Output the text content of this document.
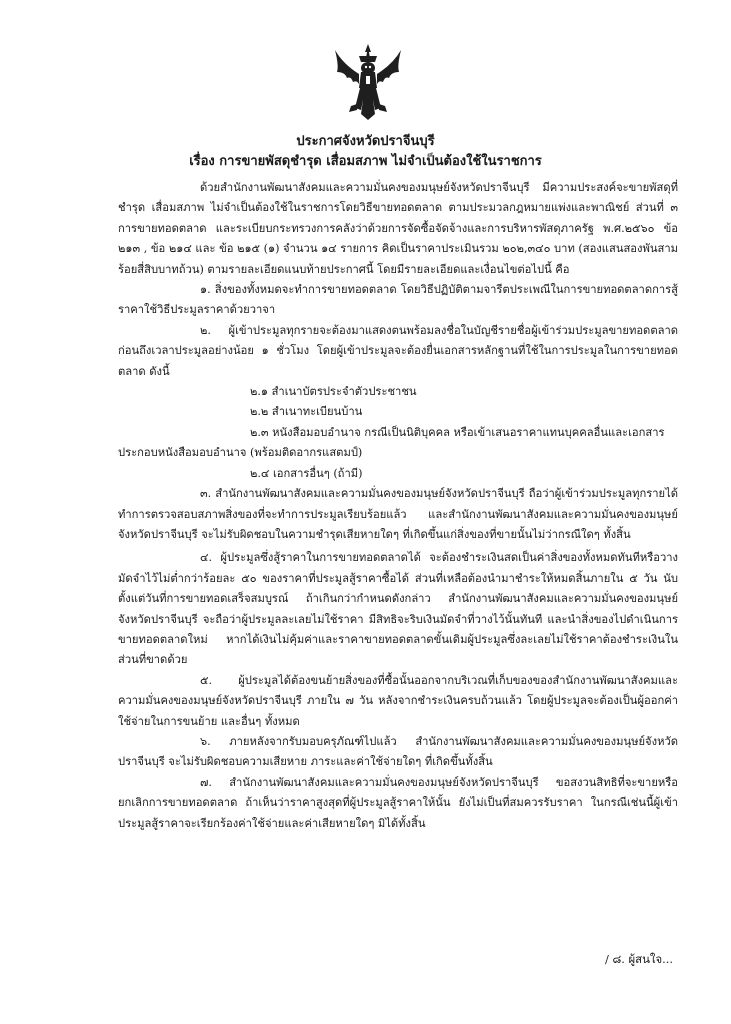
ประกาศจังหวัดปราจีนบุรี
เรื่อง การขายพัสดุชำรุด เสื่อมสภาพ ไม่จำเป็นต้องใช้ในราชการ

ด้วยสำนักงานพัฒนาสังคมและความมั่นคงของมนุษย์จังหวัดปราจีนบุรี มีความประสงค์จะขายพัสดุที่ชำรุด เสื่อมสภาพ ไม่จำเป็นต้องใช้ในราชการโดยวิธีขายทอดตลาด ตามประมวลกฎหมายแพ่งและพาณิชย์ ส่วนที่ ๓ การขายทอดตลาด และระเบียบกระทรวงการคลังว่าด้วยการจัดซื้อจัดจ้างและการบริหารพัสดุภาครัฐ พ.ศ.๒๕๖๐ ข้อ ๒๑๓ , ข้อ ๒๑๔ และ ข้อ ๒๑๕ (๑) จำนวน ๑๔ รายการ คิดเป็นราคาประเมินรวม ๒๐๒,๓๔๐ บาท (สองแสนสองพันสามร้อยสี่สิบบาทถ้วน) ตามรายละเอียดแนบท้ายประกาศนี้ โดยมีรายละเอียดและเงื่อนไขต่อไปนี้ คือ

๑. สิ่งของทั้งหมดจะทำการขายทอดตลาด โดยวิธีปฏิบัติตามจารีตประเพณีในการขายทอดตลาดการสู้ราคาใช้วิธีประมูลราคาด้วยวาจา

๒. ผู้เข้าประมูลทุกรายจะต้องมาแสดงตนพร้อมลงชื่อในบัญชีรายชื่อผู้เข้าร่วมประมูลขายทอดตลาดก่อนถึงเวลาประมูลอย่างน้อย ๑ ชั่วโมง โดยผู้เข้าประมูลจะต้องยื่นเอกสารหลักฐานที่ใช้ในการประมูลในการขายทอดตลาด ดังนี้

๒.๑ สำเนาบัตรประจำตัวประชาชน

๒.๒ สำเนาทะเบียนบ้าน

๒.๓ หนังสือมอบอำนาจ กรณีเป็นนิติบุคคล หรือเข้าเสนอราคาแทนบุคคลอื่นและเอกสาร

ประกอบหนังสือมอบอำนาจ (พร้อมติดอากรแสตมป์)

๒.๔ เอกสารอื่นๆ (ถ้ามี)

๓. สำนักงานพัฒนาสังคมและความมั่นคงของมนุษย์จังหวัดปราจีนบุรี ถือว่าผู้เข้าร่วมประมูลทุกรายได้ทำการตรวจสอบสภาพสิ่งของที่จะทำการประมูลเรียบร้อยแล้ว และสำนักงานพัฒนาสังคมและความมั่นคงของมนุษย์จังหวัดปราจีนบุรี จะไม่รับผิดชอบในความชำรุดเสียหายใดๆ ที่เกิดขึ้นแก่สิ่งของที่ขายนั้นไม่ว่ากรณีใดๆ ทั้งสิ้น

๔. ผู้ประมูลซึ่งสู้ราคาในการขายทอดตลาดได้ จะต้องชำระเงินสดเป็นค่าสิ่งของทั้งหมดทันทีหรือวางมัดจำไว้ไม่ต่ำกว่าร้อยละ ๕๐ ของราคาที่ประมูลสู้ราคาซื้อได้ ส่วนที่เหลือต้องนำมาชำระให้หมดสิ้นภายใน ๕ วัน นับตั้งแต่วันที่การขายทอดเสร็จสมบูรณ์ ถ้าเกินกว่ากำหนดดังกล่าว สำนักงานพัฒนาสังคมและความมั่นคงของมนุษย์จังหวัดปราจีนบุรี จะถือว่าผู้ประมูลละเลยไม่ใช้ราคา มีสิทธิจะริบเงินมัดจำที่วางไว้นั้นทันที และนำสิ่งของไปดำเนินการขายทอดตลาดใหม่ หากได้เงินไม่คุ้มค่าและราคาขายทอดตลาดขั้นเดิมผู้ประมูลซึ่งละเลยไม่ใช้ราคาต้องชำระเงินในส่วนที่ขาดด้วย

๕. ผู้ประมูลได้ต้องขนย้ายสิ่งของที่ซื้อนั้นออกจากบริเวณที่เก็บของของสำนักงานพัฒนาสังคมและความมั่นคงของมนุษย์จังหวัดปราจีนบุรี ภายใน ๗ วัน หลังจากชำระเงินครบถ้วนแล้ว โดยผู้ประมูลจะต้องเป็นผู้ออกค่าใช้จ่ายในการขนย้าย และอื่นๆ ทั้งหมด

๖. ภายหลังจากรับมอบครุภัณฑ์ไปแล้ว สำนักงานพัฒนาสังคมและความมั่นคงของมนุษย์จังหวัดปราจีนบุรี จะไม่รับผิดชอบความเสียหาย ภาระและค่าใช้จ่ายใดๆ ที่เกิดขึ้นทั้งสิ้น

๗. สำนักงานพัฒนาสังคมและความมั่นคงของมนุษย์จังหวัดปราจีนบุรี ขอสงวนสิทธิที่จะขายหรือยกเลิกการขายทอดตลาด ถ้าเห็นว่าราคาสูงสุดที่ผู้ประมูลสู้ราคาให้นั้น ยังไม่เป็นที่สมควรรับราคา ในกรณีเช่นนี้ผู้เข้าประมูลสู้ราคาจะเรียกร้องค่าใช้จ่ายและค่าเสียหายใดๆ มิได้ทั้งสิ้น

/ ๘. ผู้สนใจ...
